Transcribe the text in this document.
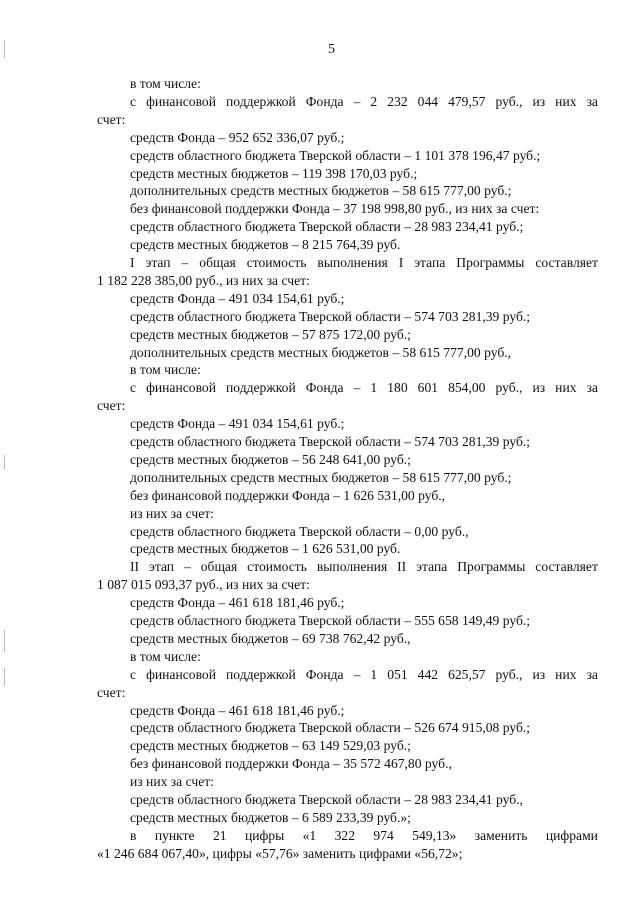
5
в том числе:
с финансовой поддержкой Фонда – 2 232 044 479,57 руб., из них за
счет:
средств Фонда – 952 652 336,07 руб.;
средств областного бюджета Тверской области – 1 101 378 196,47 руб.;
средств местных бюджетов – 119 398 170,03 руб.;
дополнительных средств местных бюджетов – 58 615 777,00 руб.;
без финансовой поддержки Фонда – 37 198 998,80 руб., из них за счет:
средств областного бюджета Тверской области – 28 983 234,41 руб.;
средств местных бюджетов – 8 215 764,39 руб.
I этап – общая стоимость выполнения I этапа Программы составляет
1 182 228 385,00 руб., из них за счет:
средств Фонда – 491 034 154,61 руб.;
средств областного бюджета Тверской области – 574 703 281,39 руб.;
средств местных бюджетов – 57 875 172,00 руб.;
дополнительных средств местных бюджетов – 58 615 777,00 руб.,
в том числе:
с финансовой поддержкой Фонда – 1 180 601 854,00 руб., из них за
счет:
средств Фонда – 491 034 154,61 руб.;
средств областного бюджета Тверской области – 574 703 281,39 руб.;
средств местных бюджетов – 56 248 641,00 руб.;
дополнительных средств местных бюджетов – 58 615 777,00 руб.;
без финансовой поддержки Фонда – 1 626 531,00 руб.,
из них за счет:
средств областного бюджета Тверской области – 0,00 руб.,
средств местных бюджетов – 1 626 531,00 руб.
II этап – общая стоимость выполнения II этапа Программы составляет
1 087 015 093,37 руб., из них за счет:
средств Фонда – 461 618 181,46 руб.;
средств областного бюджета Тверской области – 555 658 149,49 руб.;
средств местных бюджетов – 69 738 762,42 руб.,
в том числе:
с финансовой поддержкой Фонда – 1 051 442 625,57 руб., из них за
счет:
средств Фонда – 461 618 181,46 руб.;
средств областного бюджета Тверской области – 526 674 915,08 руб.;
средств местных бюджетов – 63 149 529,03 руб.;
без финансовой поддержки Фонда – 35 572 467,80 руб.,
из них за счет:
средств областного бюджета Тверской области – 28 983 234,41 руб.,
средств местных бюджетов – 6 589 233,39 руб.»;
в пункте 21 цифры «1 322 974 549,13» заменить цифрами
«1 246 684 067,40», цифры «57,76» заменить цифрами «56,72»;
